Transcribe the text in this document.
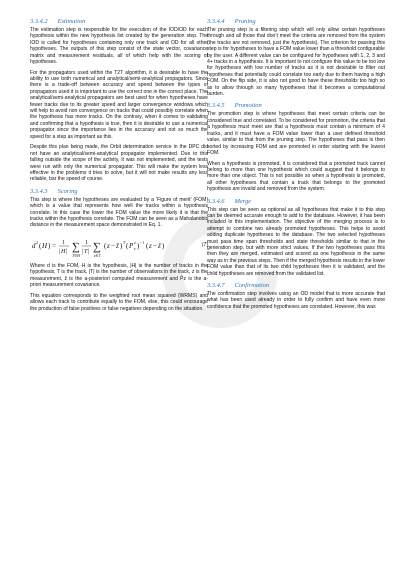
3.3.4.2 Estimation

The estimation step is responsible for the execution of the IOD/OD for each hypothesis within the new hypothesis list created by the generation step. The IOD is called for hypotheses containing only one track and OD for all other hypotheses. The outputs of this step consist of the state vector, covariance matrix and measurement residuals, all of which help with the scoring of hypotheses.

For the propagators used within the T2T algorithm, it is desirable to have the ability to use both numerical and analytical/semi-analytical propagators. Since there is a trade-off between accuracy and speed between the types of propagators used it is important to use the correct one in the correct place. The analytical/semi-analytical propagators are best used for when hypotheses have fewer tracks due to its greater speed and larger convergence windows which will help to avoid non convergence on tracks that could possibly correlate when the hypothesis has more tracks. On the contrary, when it comes to validating and confirming that a hypothesis is true, then it is desirable to use a numerical propagator since the importance lies in the accuracy and not so much the speed for a step as important as this.

Despite this plan being made, the Orbit determination service in the DPC did not have an analytical/semi-analytical propagator implemented. Due to this falling outside the scope of the activity, it was not implemented, and the tests were run with only the numerical propagator. This will make the system less effective in the problems it tries to solve, but it will not make results any less reliable, bar the speed of course.

3.3.4.3 Scoring

This step is where the hypotheses are evaluated by a ‘Figure of merit’ (FOM) which is a value that represents how well the tracks within a hypothesis correlate. In this case the lower the FOM value the more likely it is that the tracks within the hypothesis correlate. The FOM can be seen as a Mahalanobis distance in the measurement space demonstrated in Eq. 1.

d 2 ( H ) = 1
| H | ∑
T∈H
1
| T | ∑
z∈T
( z − ẑ ) T ( P z
z ) −1 ( z − ẑ )	(7)

Where d is the FOM, H is the hypothesis, |H| is the number of tracks in the hypothesis, T is the track, |T| is the number of observations in the track, z is the measurement, ẑ is the a-posteriori computed measurement and P̂z is the a-priori measurement covariance.

This equation corresponds to the weighted root mean squared (WRMS) and allows each track to contribute equally to the FOM, else, this could encourage the production of false positives or false negatives depending on the situation.

3.3.4.4 Pruning

The pruning step is a filtering step which will only allow certain hypotheses through and all those that don’t meet the criteria are removed from the system (the tracks are not removed, just the hypothesis). The criterion for passing this step is for hypotheses to have a FOM value lower than a threshold configurable by the user. A different value can be configured for hypotheses with 1, 2, 3 and 4+ tracks in a hypothesis. It is important to not configure this value to be too low for hypotheses with low number of tracks as it is not desirable to filter out hypotheses that potentially could correlate too early due to them having a high FOM. On the flip side, it is also not good to have these thresholds too high so as to allow through so many hypotheses that it becomes a computational burden.

3.3.4.5 Promotion

The promotion step is where hypotheses that meet certain criteria can be considered true and correlated. To be considered for promotion, the criteria that a hypothesis must meet are that a hypothesis must contain a minimum of 4 tracks, and it must have a FOM value lower than a user defined threshold value, similar to that from the pruning step. The hypotheses that pass is then sorted by increasing FOM and are promoted in order starting with the lowest FOM.

When a hypothesis is promoted, it is considered that a promoted track cannot belong to more than one hypothesis which could suggest that it belongs to more than one object. This is not possible so when a hypothesis is promoted, all other hypotheses that contain a track that belongs to the promoted hypothesis are invalid and removed from the system.

3.3.4.6 Merge

This step can be seen as optional as all hypotheses that make it to this step can be deemed accurate enough to add to the database. However, it has been included in this implementation. The objective of the merging process is to attempt to combine two already promoted hypotheses. This helps to avoid adding duplicate hypotheses to the database. The two selected hypotheses must pass time span thresholds and state thresholds similar to that in the generation step, but with more strict values. If the two hypotheses pass this then they are merged, estimated and scored as one hypothesis in the same way as in the previous steps. Then if the merged hypothesis results in the lower FOM value than that of its two child hypotheses then it is validated, and the child hypotheses are removed from the validated list.

3.3.4.7 Confirmation

The confirmation step involves using an OD model that is more accurate that what has been used already in order to fully confirm and have even more confidence that the promoted hypotheses are correlated. However, this was
